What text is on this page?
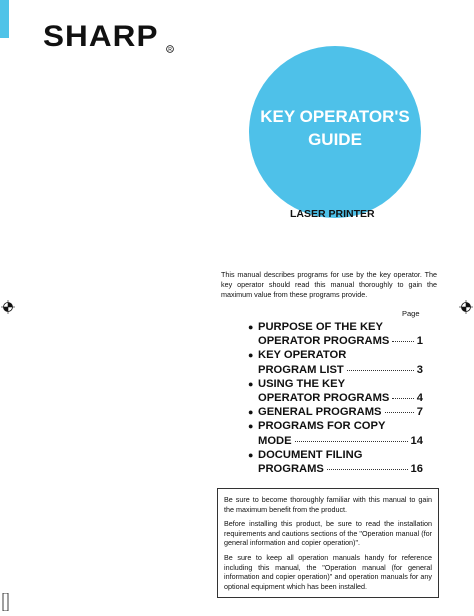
SHARP R
KEY OPERATOR'S
GUIDE
LASER PRINTER
This manual describes programs for use by the key operator. The key operator should read this manual thoroughly to gain the maximum value from these programs provide.
Page
● PURPOSE OF THE KEY
OPERATOR PROGRAMS 1
● KEY OPERATOR
PROGRAM LIST	3
● USING THE KEY
OPERATOR PROGRAMS 4
● GENERAL PROGRAMS	7
● PROGRAMS FOR COPY
MODE	14
● DOCUMENT FILING
PROGRAMS	16

Be sure to become thoroughly familiar with this manual to gain the maximum benefit from the product.

Before installing this product, be sure to read the installation requirements and cautions sections of the "Operation manual (for general information and copier operation)".

Be sure to keep all operation manuals handy for reference including this manual, the "Operation manual (for general information and copier operation)" and operation manuals for any optional equipment which has been installed.
